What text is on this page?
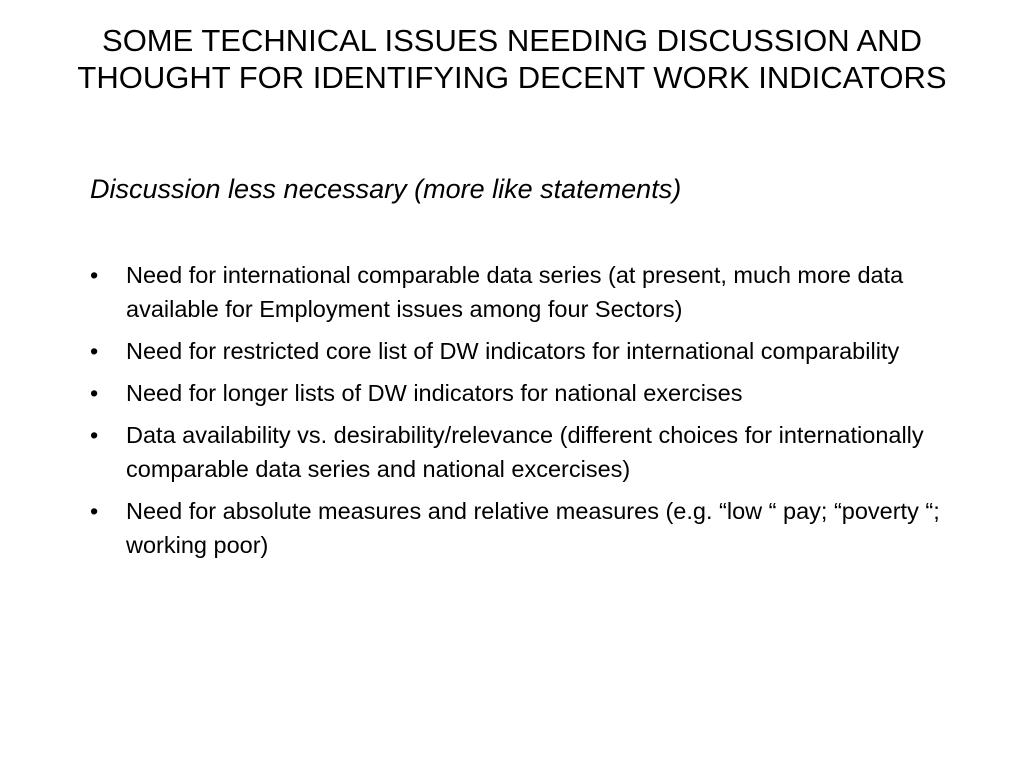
SOME TECHNICAL ISSUES NEEDING DISCUSSION AND THOUGHT FOR IDENTIFYING DECENT WORK INDICATORS

Discussion less necessary (more like statements)

•	Need for international comparable data series (at present, much more data available for Employment issues among four Sectors)
•	Need for restricted core list of DW indicators for international comparability
•	Need for longer lists of DW indicators for national exercises
•	Data availability vs. desirability/relevance (different choices for internationally comparable data series and national excercises)
•	Need for absolute measures and relative measures (e.g. “low “ pay; “poverty “; working poor)
